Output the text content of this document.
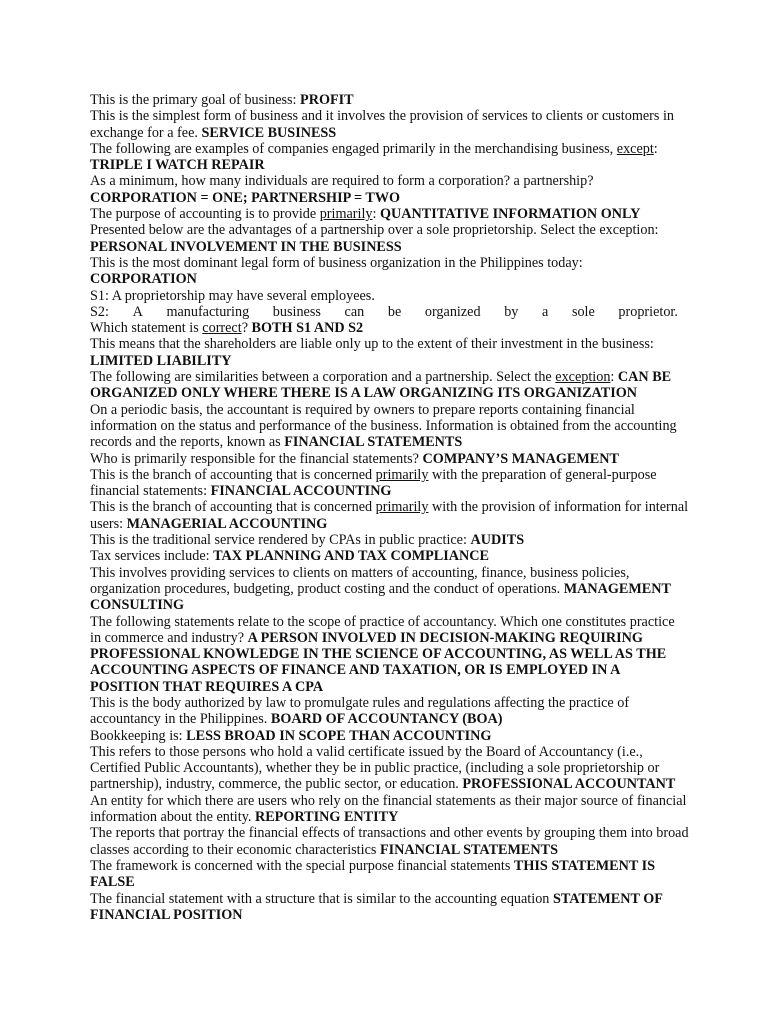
This is the primary goal of business: PROFIT
This is the simplest form of business and it involves the provision of services to clients or customers in
exchange for a fee. SERVICE BUSINESS
The following are examples of companies engaged primarily in the merchandising business, except:
TRIPLE I WATCH REPAIR
As a minimum, how many individuals are required to form a corporation? a partnership?
CORPORATION = ONE; PARTNERSHIP = TWO
The purpose of accounting is to provide primarily: QUANTITATIVE INFORMATION ONLY
Presented below are the advantages of a partnership over a sole proprietorship. Select the exception:
PERSONAL INVOLVEMENT IN THE BUSINESS
This is the most dominant legal form of business organization in the Philippines today:
CORPORATION
S1: A proprietorship may have several employees.
S2: A manufacturing business can be organized by a sole proprietor.
Which statement is correct? BOTH S1 AND S2
This means that the shareholders are liable only up to the extent of their investment in the business:
LIMITED LIABILITY
The following are similarities between a corporation and a partnership. Select the exception: CAN BE
ORGANIZED ONLY WHERE THERE IS A LAW ORGANIZING ITS ORGANIZATION
On a periodic basis, the accountant is required by owners to prepare reports containing financial
information on the status and performance of the business. Information is obtained from the accounting
records and the reports, known as FINANCIAL STATEMENTS
Who is primarily responsible for the financial statements? COMPANY’S MANAGEMENT
This is the branch of accounting that is concerned primarily with the preparation of general-purpose
financial statements: FINANCIAL ACCOUNTING
This is the branch of accounting that is concerned primarily with the provision of information for internal
users: MANAGERIAL ACCOUNTING
This is the traditional service rendered by CPAs in public practice: AUDITS
Tax services include: TAX PLANNING AND TAX COMPLIANCE
This involves providing services to clients on matters of accounting, finance, business policies,
organization procedures, budgeting, product costing and the conduct of operations. MANAGEMENT
CONSULTING
The following statements relate to the scope of practice of accountancy. Which one constitutes practice
in commerce and industry? A PERSON INVOLVED IN DECISION-MAKING REQUIRING
PROFESSIONAL KNOWLEDGE IN THE SCIENCE OF ACCOUNTING, AS WELL AS THE
ACCOUNTING ASPECTS OF FINANCE AND TAXATION, OR IS EMPLOYED IN A
POSITION THAT REQUIRES A CPA
This is the body authorized by law to promulgate rules and regulations affecting the practice of
accountancy in the Philippines. BOARD OF ACCOUNTANCY (BOA)
Bookkeeping is: LESS BROAD IN SCOPE THAN ACCOUNTING
This refers to those persons who hold a valid certificate issued by the Board of Accountancy (i.e.,
Certified Public Accountants), whether they be in public practice, (including a sole proprietorship or
partnership), industry, commerce, the public sector, or education. PROFESSIONAL ACCOUNTANT
An entity for which there are users who rely on the financial statements as their major source of financial
information about the entity. REPORTING ENTITY
The reports that portray the financial effects of transactions and other events by grouping them into broad
classes according to their economic characteristics FINANCIAL STATEMENTS
The framework is concerned with the special purpose financial statements THIS STATEMENT IS
FALSE
The financial statement with a structure that is similar to the accounting equation STATEMENT OF
FINANCIAL POSITION
